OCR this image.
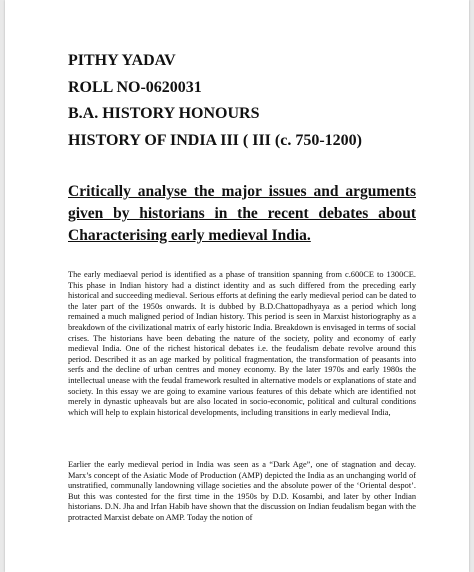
PITHY YADAV
ROLL NO-0620031
B.A. HISTORY HONOURS
HISTORY OF INDIA III ( III (c. 750-1200)
Critically analyse the major issues and arguments given by historians in the recent debates about Characterising early medieval India.

The early mediaeval period is identified as a phase of transition spanning from c.600CE to 1300CE. This phase in Indian history had a distinct identity and as such differed from the preceding early historical and succeeding medieval. Serious efforts at defining the early medieval period can be dated to the later part of the 1950s onwards. It is dubbed by B.D.Chattopadhyaya as a period which long remained a much maligned period of Indian history. This period is seen in Marxist historiography as a breakdown of the civilizational matrix of early historic India. Breakdown is envisaged in terms of social crises. The historians have been debating the nature of the society, polity and economy of early medieval India. One of the richest historical debates i.e. the feudalism debate revolve around this period. Described it as an age marked by political fragmentation, the transformation of peasants into serfs and the decline of urban centres and money economy. By the later 1970s and early 1980s the intellectual unease with the feudal framework resulted in alternative models or explanations of state and society. In this essay we are going to examine various features of this debate which are identified not merely in dynastic upheavals but are also located in socio-economic, political and cultural conditions which will help to explain historical developments, including transitions in early medieval India,

Earlier the early medieval period in India was seen as a “Dark Age”, one of stagnation and decay. Marx’s concept of the Asiatic Mode of Production (AMP) depicted the India as an unchanging world of unstratified, communally landowning village societies and the absolute power of the ‘Oriental despot’. But this was contested for the first time in the 1950s by D.D. Kosambi, and later by other Indian historians. D.N. Jha and Irfan Habib have shown that the discussion on Indian feudalism began with the protracted Marxist debate on AMP. Today the notion of
